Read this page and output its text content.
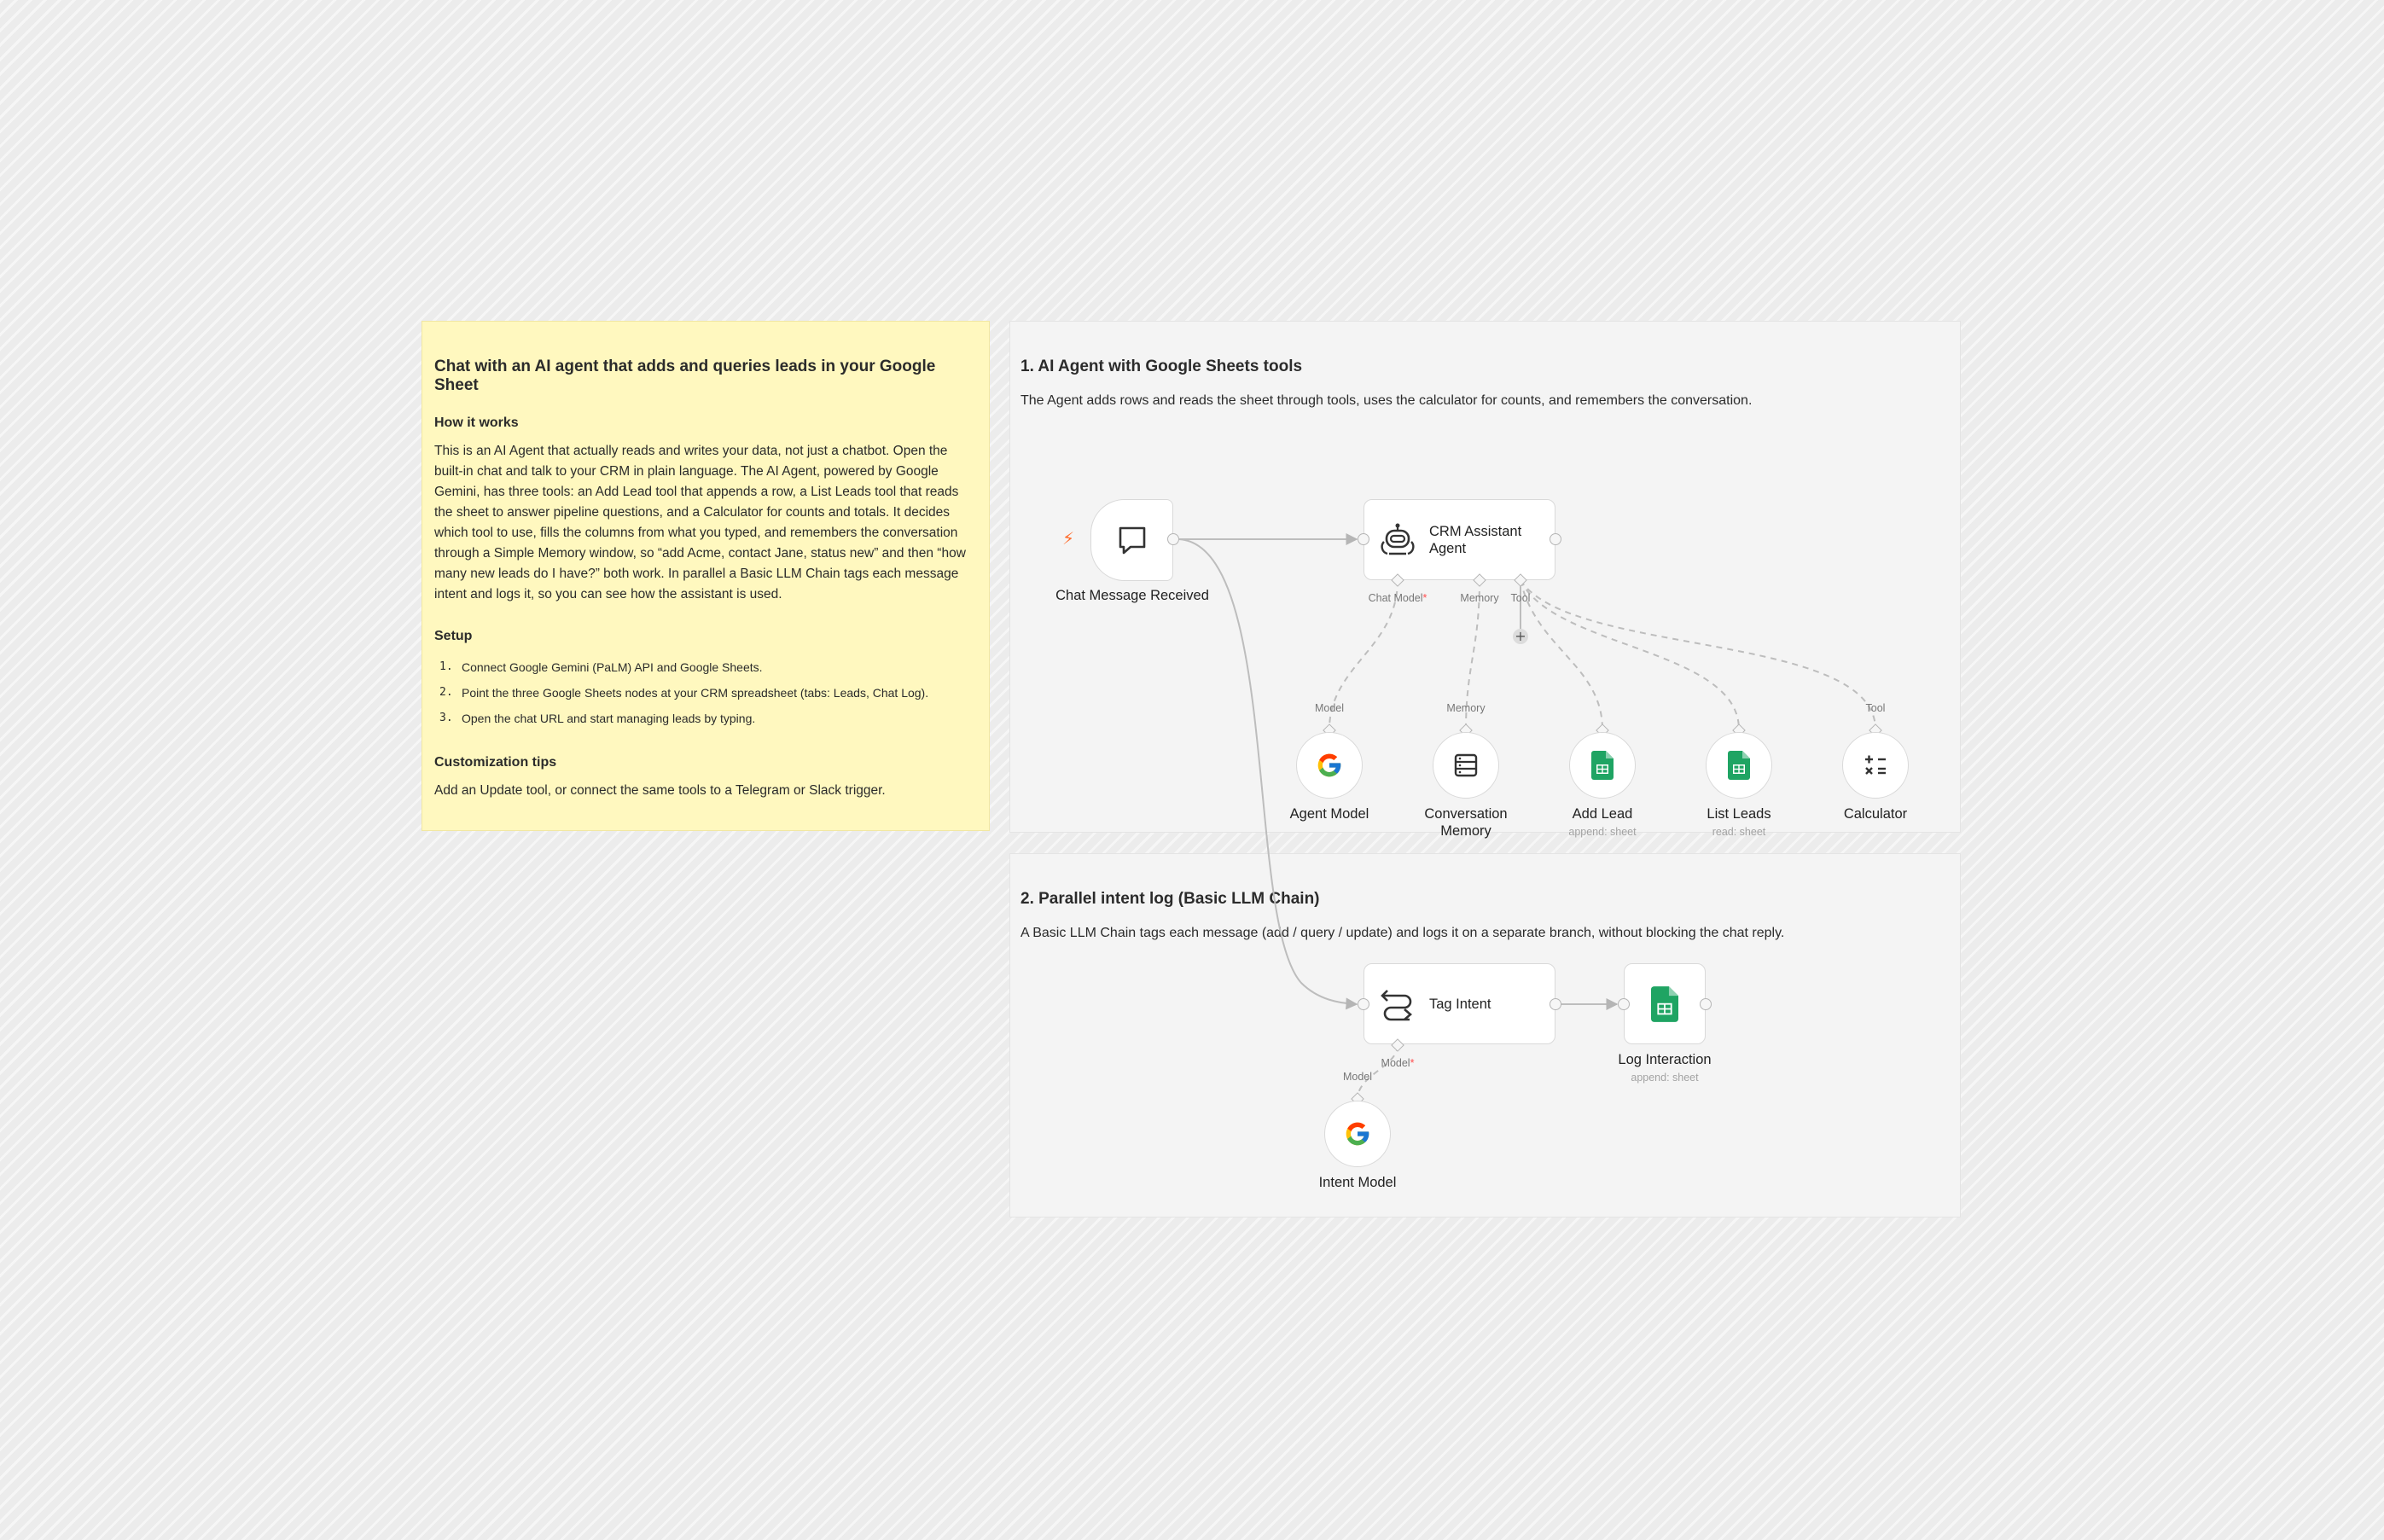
Chat with an AI agent that adds and queries leads in your Google Sheet
How it works
This is an AI Agent that actually reads and writes your data, not just a chatbot. Open the built-in chat and talk to your CRM in plain language. The AI Agent, powered by Google Gemini, has three tools: an Add Lead tool that appends a row, a List Leads tool that reads the sheet to answer pipeline questions, and a Calculator for counts and totals. It decides which tool to use, fills the columns from what you typed, and remembers the conversation through a Simple Memory window, so “add Acme, contact Jane, status new” and then “how many new leads do I have?” both work. In parallel a Basic LLM Chain tags each message intent and logs it, so you can see how the assistant is used.
Setup
1. Connect Google Gemini (PaLM) API and Google Sheets.
2. Point the three Google Sheets nodes at your CRM spreadsheet (tabs: Leads, Chat Log).
3. Open the chat URL and start managing leads by typing.
Customization tips
Add an Update tool, or connect the same tools to a Telegram or Slack trigger.
1. AI Agent with Google Sheets tools
The Agent adds rows and reads the sheet through tools, uses the calculator for counts, and remembers the conversation.
2. Parallel intent log (Basic LLM Chain)
A Basic LLM Chain tags each message (add / query / update) and logs it on a separate branch, without blocking the chat reply.
⚡
Chat Message Received
CRM Assistant
Agent
Chat Model*	Memory Tool
+
Model
Agent Model
Memory
Conversation
Memory
Add Lead
append: sheet
List Leads
read: sheet
Tool
Calculator
Tag Intent
Model*	Log Interaction
append: sheet
Model
Intent Model
